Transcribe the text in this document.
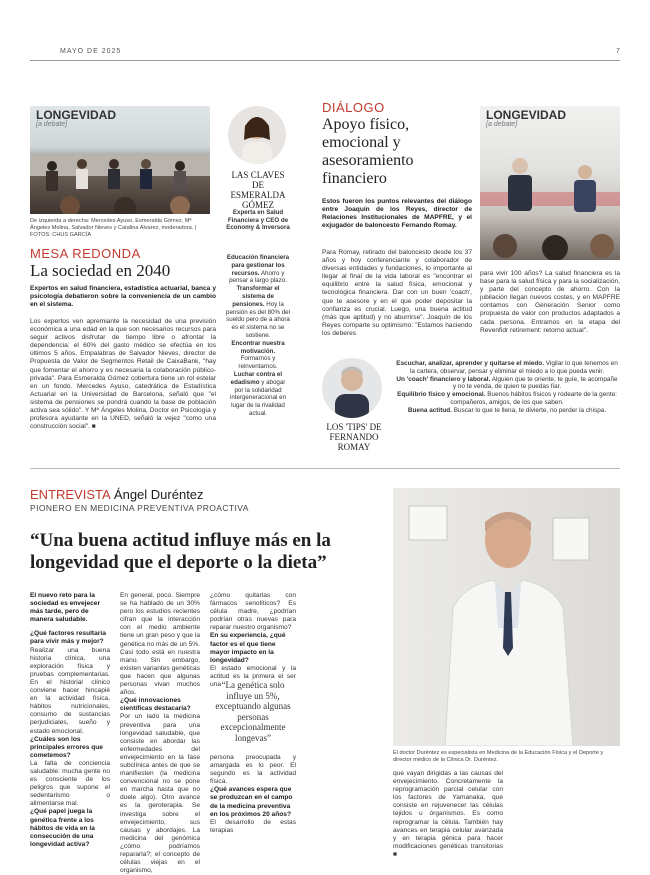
MAYO DE 2025	7
LONGEVIDAD
[a debate]

De izquierda a derecha: Mercedes Ayuso, Esmeralda Gómez, Mª Ángeles Molina, Salvador Nieves y Catalina Alvarez, moderadora. | FOTOS: CHUS GARCÍA

MESA REDONDA
La sociedad en 2040

Expertos en salud financiera, estadística actuarial, banca y psicología debatieron sobre la conveniencia de un cambio en el sistema.

Los expertos ven apremiante la necesidad de una previsión económica a una edad en la que son necesarios recursos para seguir activos disfrutar de tiempo libre o afrontar la dependencia: el 60% del gasto médico se efectúa en los últimos 5 años. Empalabras de Salvador Nieves, director de Propuesta de Valor de Segmentos Retail de CaixaBank, "hay que fomentar el ahorro y es necesaria la colaboración público-privada". Para Esmeralda Gómez cobertura tiene un rol estelar en un fondo. Mercedes Ayuso, catedrática de Estadística Actuarial en la Universidad de Barcelona, señaló que "el sistema de pensiones se pondrá cuando la base de población activa sea sólido". Y Mª Ángeles Molina, Doctor en Psicología y profesora ayudante en la UNED, señaló la vejez "como una construcción social". ■

LAS CLAVES DE ESMERALDA GÓMEZ

Experta en Salud Financiera y CEO de Economy & Inversora

Educación financiera para gestionar los recursos. Ahorro y pensar a largo plazo.

Transformar el sistema de pensiones. Hoy la pensión es del 80% del sueldo pero de a ahora es el sistema no se sostiene.

Encontrar nuestra motivación. Formarnos y reinventarnos.

Luchar contra el edadismo y abogar por la solidaridad intergeneracional en lugar de la rivalidad actual.

DIÁLOGO
Apoyo físico, emocional y asesoramiento financiero

Estos fueron los puntos relevantes del diálogo entre Joaquín de los Reyes, director de Relaciones Institucionales de MAPFRE, y el exjugador de baloncesto Fernando Romay.

Para Romay, retirado del baloncesto desde los 37 años y hoy conferenciante y colaborador de diversas entidades y fundaciones, lo importante al llegar al final de la vida laboral es "encontrar el equilibrio entre la salud física, emocional y tecnológica financiera. Dar con un buen 'coach', que te asesore y en el que poder depositar la confianza es crucial. Luego, una buena actitud (más que aptitud) y no aburrirse". Joaquín de los Reyes comparte su optimismo: "Estamos haciendo los deberes

LONGEVIDAD
[a debate]

para vivir 100 años? La salud financiera es la base para la salud física y para la socialización, y parte del concepto de ahorro. Con la jubilación llegan nuevos costes, y en MAPFRE contamos con Generación Senior como propuesta de valor con productos adaptados a cada persona. Entramos en la etapa del Revenfidr retirement: retorno actual".

LOS 'TIPS' DE FERNANDO ROMAY

Escuchar, analizar, aprender y quitarse el miedo. Vigilar lo que tenemos en la cartera, observar, pensar y eliminar el miedo a lo que pueda venir.

Un 'coach' financiero y laboral. Alguien que te oriente, te guíe, te acompañe y no te venda, de quien te puedas fiar.

Equilibrio físico y emocional. Buenos hábitos físicos y rodearte de la gente: compañeros, amigos, de los que saben.

Buena actitud. Buscar lo que te llena, te divierte, no perder la chispa.

ENTREVISTA Ángel Duréntez
PIONERO EN MEDICINA PREVENTIVA PROACTIVA
“Una buena actitud influye más en la longevidad que el deporte o la dieta”

El nuevo reto para la sociedad es envejecer más tarde, pero de manera saludable.

¿Qué factores resultaría para vivir más y mejor?

Realizar una buena historia clínica, una exploración física y pruebas complementarias. En el historial clínico conviene hacer hincapié en la actividad física, hábitos nutricionales, consumo de sustancias perjudiciales, sueño y estado emocional.

¿Cuáles son los principales errores que cometemos?

La falta de conciencia saludable: mucha gente no es consciente de los peligros que supone el sedentarismo o alimentarse mal.

¿Qué papel juega la genética frente a los hábitos de vida en la consecución de una longevidad activa?

En general, poco. Siempre se ha hablado de un 30% pero los estudios recientes cifran que la interacción con el medio ambiente tiene un gran peso y que la genética no más de un 5%. Casi todo está en nuestra mano. Sin embargo, existen variantes genéticas que hacen que algunas personas vivan muchos años.

¿Qué innovaciones científicas destacaría?

Por un lado la medicina preventiva para una longevidad saludable, que consiste en abordar las enfermedades del envejecimiento en la fase subclínica antes de que se manifiesten (la medicina convencional no se pone en marcha hasta que no duele algo). Otro avance es la geroterapia. Se investiga sobre el envejecimiento, sus causas y abordajes. La medicina del genómica ¿cómo podríamos repararla?; el concepto de células viejas en el organismo,

¿cómo quitarlas con fármacos senolíticos? Es célula madre, ¿podrían podrían otras nuevas para reparar nuestro organismo?

En su experiencia, ¿qué factor es el que tiene mayor impacto en la longevidad?

El estado emocional y la actitud es la primera el ser una “La genética solo influye un 5%, exceptuando algunas personas excepcionalmente longevas”

persona preocupada y amargada es lo peor. El segundo es la actividad física.

¿Qué avances espera que se produzcan en el campo de la medicina preventiva en los próximos 20 años?

El desarrollo de estas terapias

El doctor Duréntez es especialista en Medicina de la Educación Física y el Deporte y director médico de la Clínica Dr. Duréntez.

que vayan dirigidas a las causas del envejecimiento. Concretamente la reprogramación parcial celular con los factores de Yamanaka, que consiste en rejuvenecer las células tejidos u órganismos. Es como reprogramar la célula. También hay avances en terapia celular avanzada y en terapia génica para hacer modificaciones genéticas transitorias ■
